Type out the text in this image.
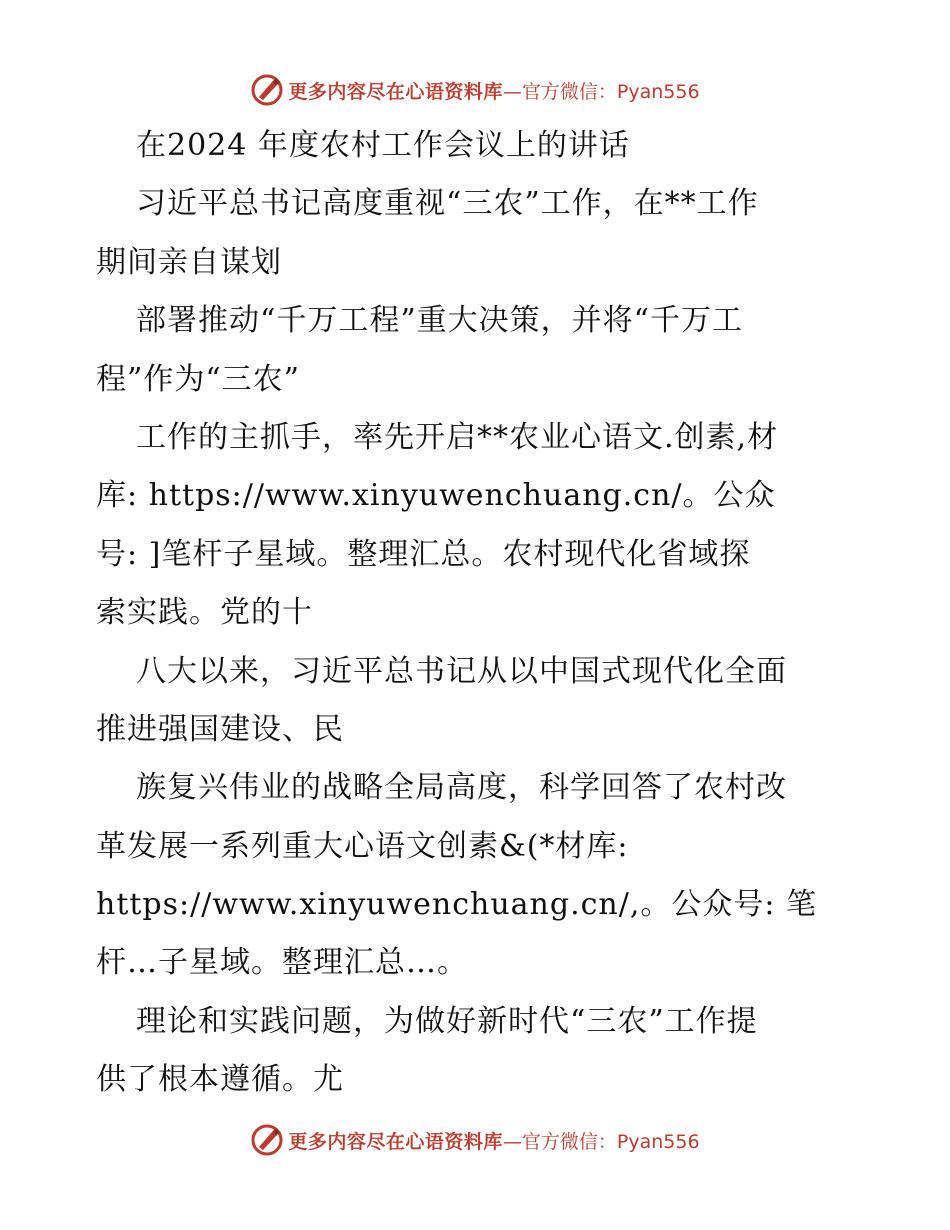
更多内容尽在心语资料库 —官方微信：Pyan556
在2024 年度农村工作会议上的讲话
习近平总书记高度重视“三农”工作，在**工作
期间亲自谋划
部署推动“千万工程”重大决策，并将“千万工
程”作为“三农”
工作的主抓手，率先开启**农业心语文.创素,材
库: https://www.xinyuwenchuang.cn/。公众
号: ]笔杆子星域。整理汇总。农村现代化省域探
索实践。党的十
八大以来，习近平总书记从以中国式现代化全面
推进强国建设、民
族复兴伟业的战略全局高度，科学回答了农村改
革发展一系列重大心语文创素&(*材库:
https://www.xinyuwenchuang.cn/,。公众号: 笔
杆…子星域。整理汇总…。
理论和实践问题，为做好新时代“三农”工作提
供了根本遵循。尤
更多内容尽在心语资料库 —官方微信：Pyan556
